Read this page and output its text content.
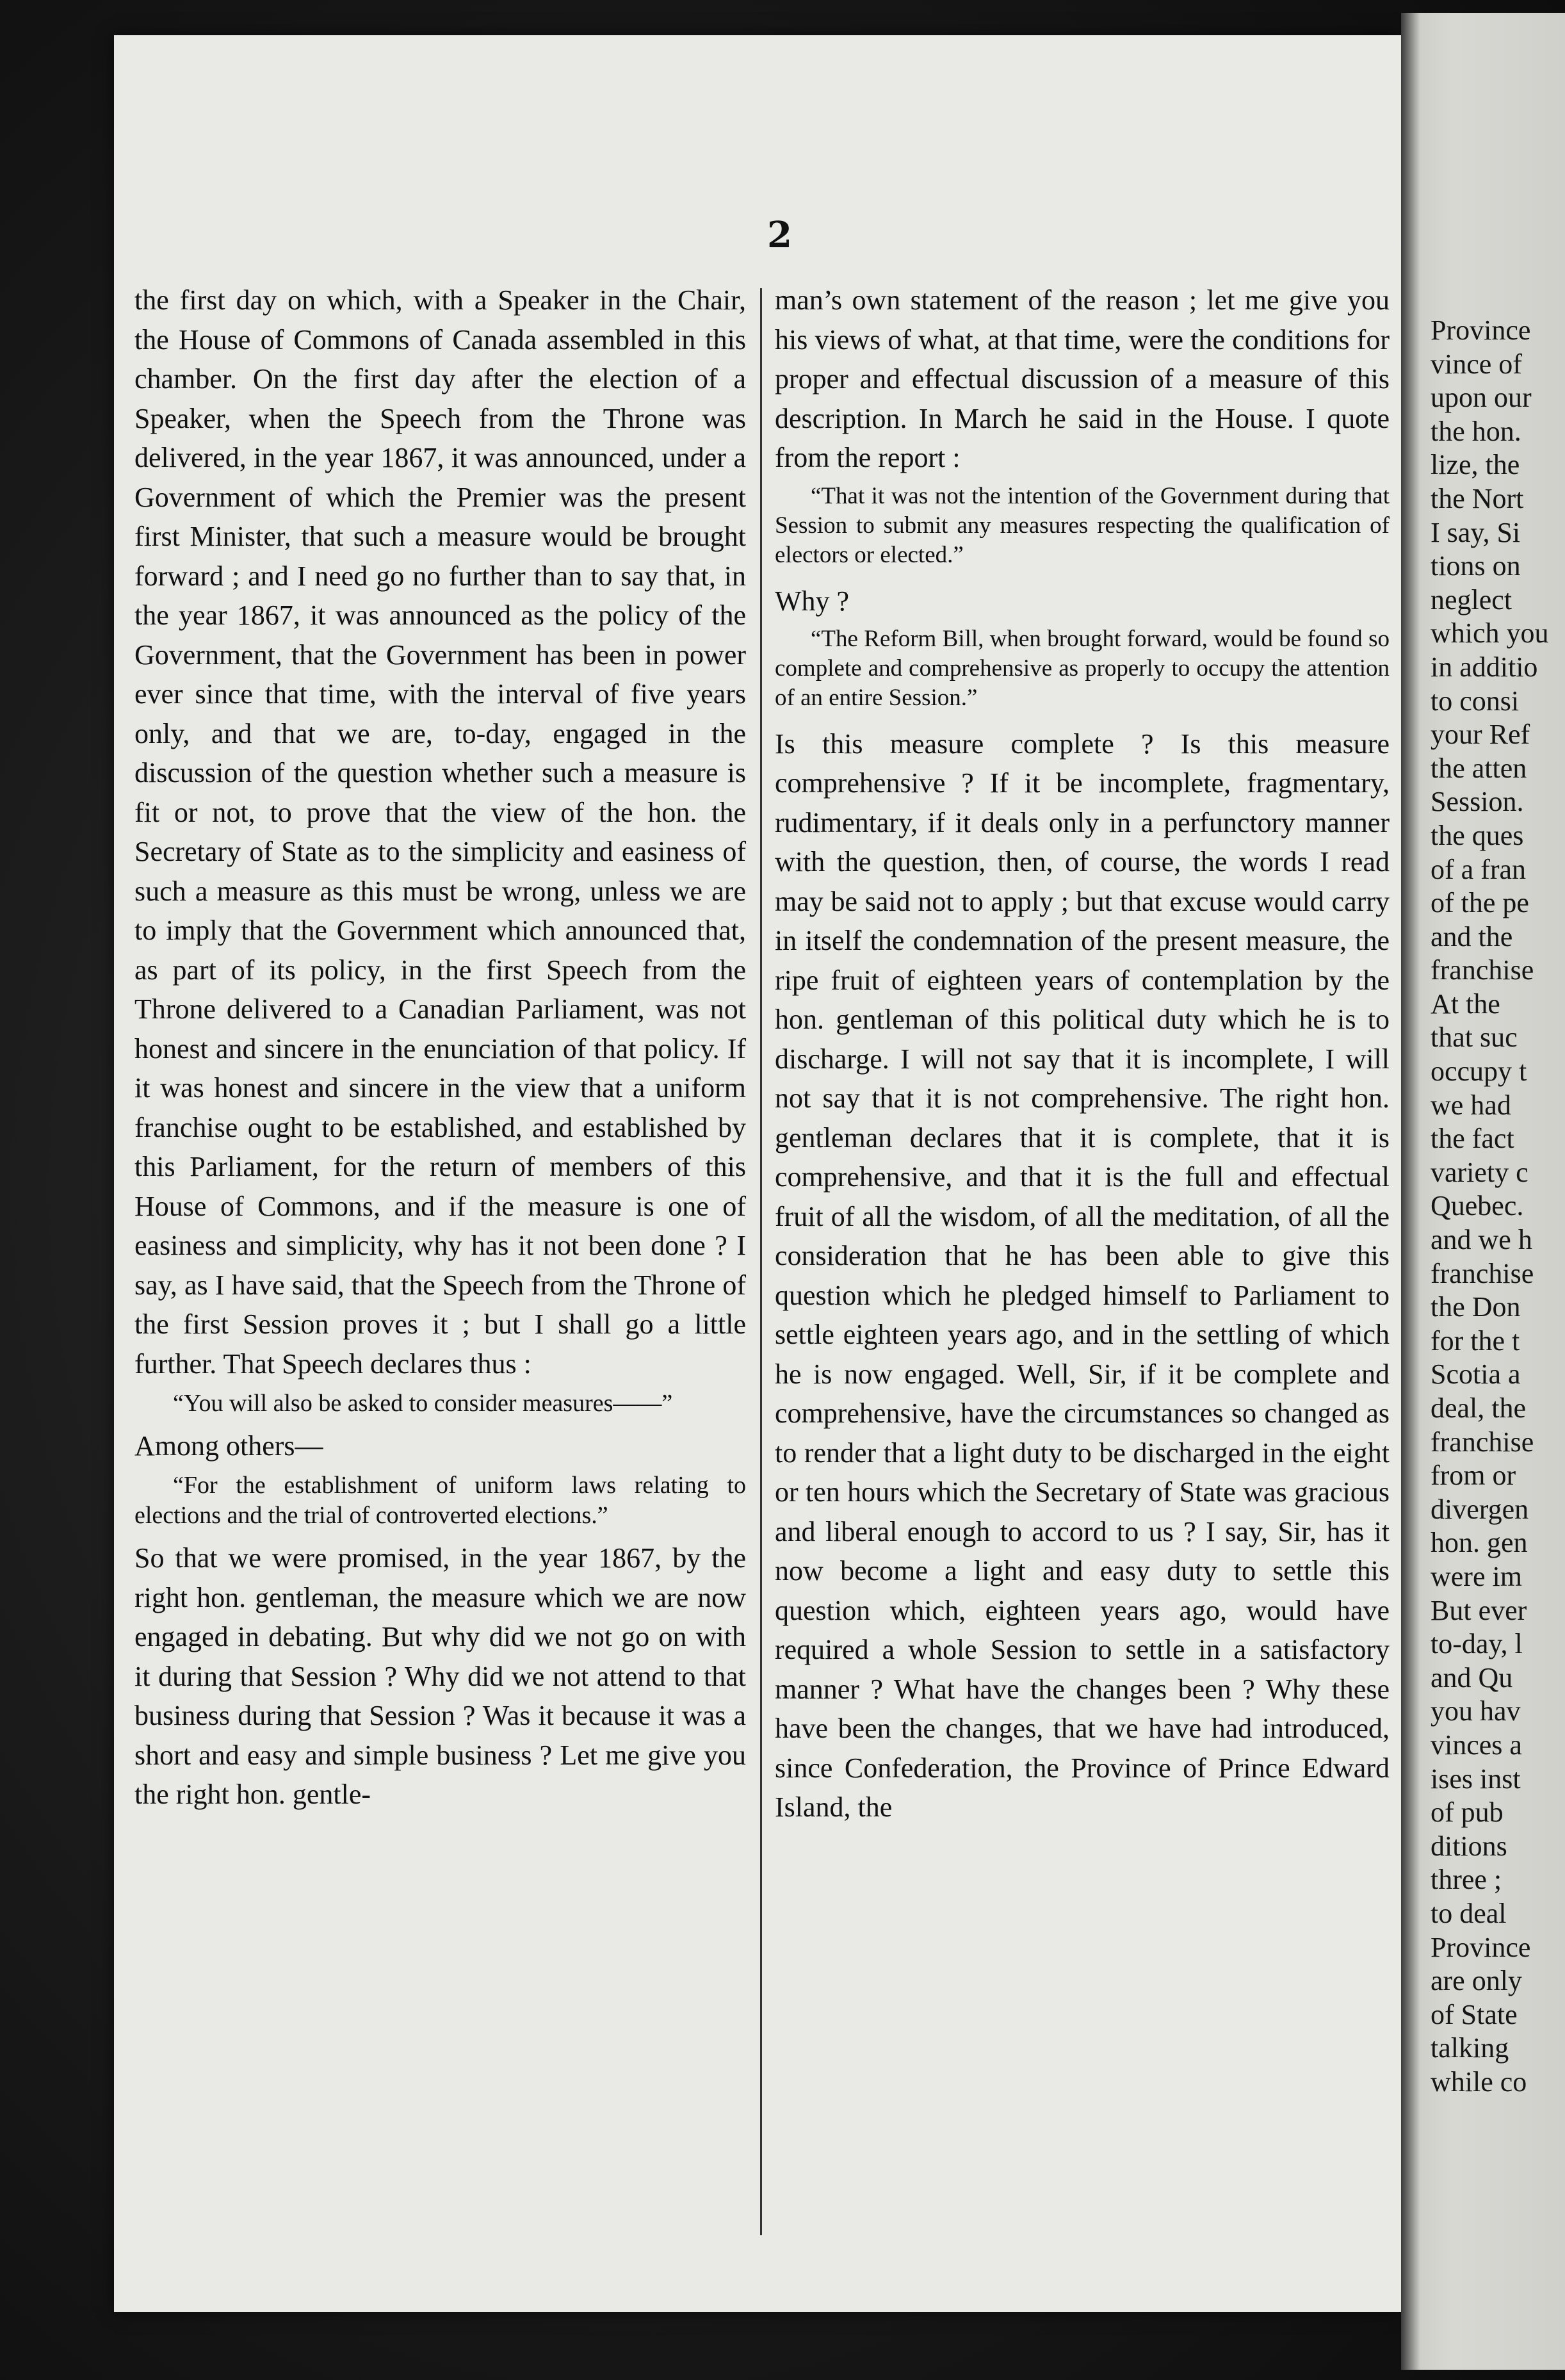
2

the first day on which, with a Speaker in the Chair, the House of Commons of Canada assembled in this chamber. On the first day after the election of a Speaker, when the Speech from the Throne was delivered, in the year 1867, it was announced, under a Government of which the Premier was the present first Minister, that such a measure would be brought forward ; and I need go no further than to say that, in the year 1867, it was announced as the policy of the Government, that the Government has been in power ever since that time, with the interval of five years only, and that we are, to-day, engaged in the discussion of the question whether such a measure is fit or not, to prove that the view of the hon. the Secretary of State as to the simplicity and easiness of such a measure as this must be wrong, unless we are to imply that the Government which announced that, as part of its policy, in the first Speech from the Throne delivered to a Canadian Parliament, was not honest and sincere in the enunciation of that policy. If it was honest and sincere in the view that a uniform franchise ought to be established, and established by this Parliament, for the return of members of this House of Commons, and if the measure is one of easiness and simplicity, why has it not been done ? I say, as I have said, that the Speech from the Throne of the first Session proves it ; but I shall go a little further. That Speech declares thus :

“You will also be asked to consider measures——”

Among others—

“For the establishment of uniform laws relating to elections and the trial of controverted elections.”

So that we were promised, in the year 1867, by the right hon. gentleman, the measure which we are now engaged in debating. But why did we not go on with it during that Session ? Why did we not attend to that business during that Session ? Was it because it was a short and easy and simple business ? Let me give you the right hon. gentle-

man’s own statement of the reason ; let me give you his views of what, at that time, were the conditions for proper and effectual discussion of a measure of this description. In March he said in the House. I quote from the report :

“That it was not the intention of the Government during that Session to submit any measures respecting the qualification of electors or elected.”

Why ?

“The Reform Bill, when brought forward, would be found so complete and comprehensive as properly to occupy the attention of an entire Session.”

Is this measure complete ? Is this measure comprehensive ? If it be incomplete, fragmentary, rudimentary, if it deals only in a perfunctory manner with the question, then, of course, the words I read may be said not to apply ; but that excuse would carry in itself the condemnation of the present measure, the ripe fruit of eighteen years of contemplation by the hon. gentleman of this political duty which he is to discharge. I will not say that it is incomplete, I will not say that it is not comprehensive. The right hon. gentleman declares that it is complete, that it is comprehensive, and that it is the full and effectual fruit of all the wisdom, of all the meditation, of all the consideration that he has been able to give this question which he pledged himself to Parliament to settle eighteen years ago, and in the settling of which he is now engaged. Well, Sir, if it be complete and comprehensive, have the circumstances so changed as to render that a light duty to be discharged in the eight or ten hours which the Secretary of State was gracious and liberal enough to accord to us ? I say, Sir, has it now become a light and easy duty to settle this question which, eighteen years ago, would have required a whole Session to settle in a satisfactory manner ? What have the changes been ? Why these have been the changes, that we have had introduced, since Confederation, the Province of Prince Edward Island, the

Province
vince of
upon our
the hon.
lize, the
the Nort
I say, Si
tions on
neglect
which you
in additio
to consi
your Ref
the atten
Session.
the ques
of a fran
of the pe
and the
franchise
At the
that suc
occupy t
we had
the fact
variety c
Quebec.
and we h
franchise
the Don
for the t
Scotia a
deal, the
franchise
from or
divergen
hon. gen
were im
But ever
to-day, l
and Qu
you hav
vinces a
ises inst
of pub
ditions
three ;
to deal
Province
are only
of State
talking
while co
